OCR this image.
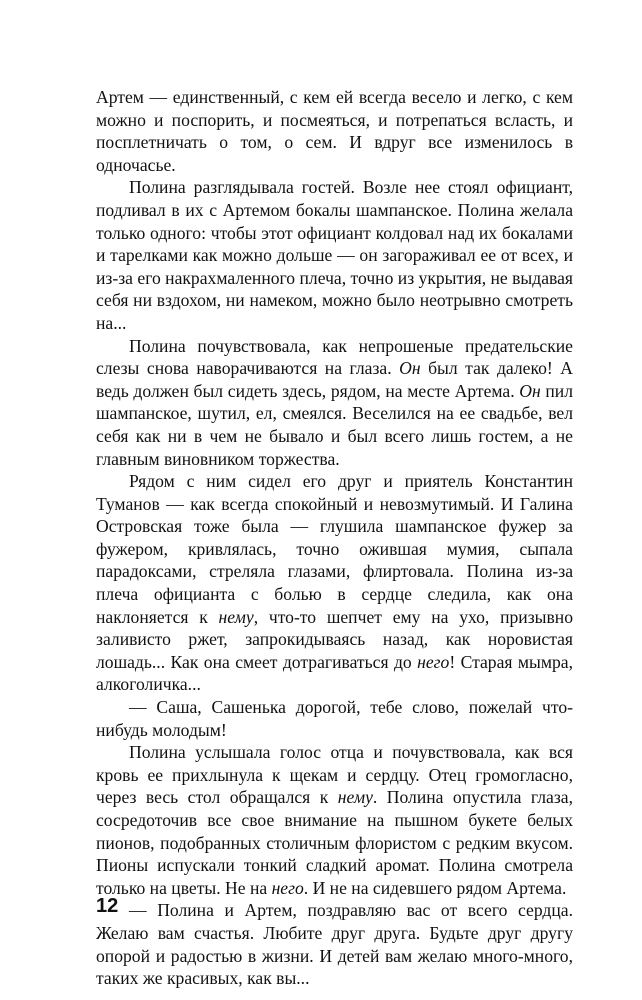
Артем — единственный, с кем ей всегда весело и легко, с кем можно и поспорить, и посмеяться, и потрепаться всласть, и посплетничать о том, о сем. И вдруг все изменилось в одночасье.

Полина разглядывала гостей. Возле нее стоял официант, подливал в их с Артемом бокалы шампанское. Полина желала только одного: чтобы этот официант колдовал над их бокалами и тарелками как можно дольше — он загораживал ее от всех, и из-за его накрахмаленного плеча, точно из укрытия, не выдавая себя ни вздохом, ни намеком, можно было неотрывно смотреть на...

Полина почувствовала, как непрошеные предательские слезы снова наворачиваются на глаза. Он был так далеко! А ведь должен был сидеть здесь, рядом, на месте Артема. Он пил шампанское, шутил, ел, смеялся. Веселился на ее свадьбе, вел себя как ни в чем не бывало и был всего лишь гостем, а не главным виновником торжества.

Рядом с ним сидел его друг и приятель Константин Туманов — как всегда спокойный и невозмутимый. И Галина Островская тоже была — глушила шампанское фужер за фужером, кривлялась, точно ожившая мумия, сыпала парадоксами, стреляла глазами, флиртовала. Полина из-за плеча официанта с болью в сердце следила, как она наклоняется к нему, что-то шепчет ему на ухо, призывно заливисто ржет, запрокидываясь назад, как норовистая лошадь... Как она смеет дотрагиваться до него! Старая мымра, алкоголичка...

— Саша, Сашенька дорогой, тебе слово, пожелай что-нибудь молодым!

Полина услышала голос отца и почувствовала, как вся кровь ее прихлынула к щекам и сердцу. Отец громогласно, через весь стол обращался к нему. Полина опустила глаза, сосредоточив все свое внимание на пышном букете белых пионов, подобранных столичным флористом с редким вкусом. Пионы испускали тонкий сладкий аромат. Полина смотрела только на цветы. Не на него. И не на сидевшего рядом Артема.

— Полина и Артем, поздравляю вас от всего сердца. Желаю вам счастья. Любите друг друга. Будьте друг другу опорой и радостью в жизни. И детей вам желаю много-много, таких же красивых, как вы...

12
